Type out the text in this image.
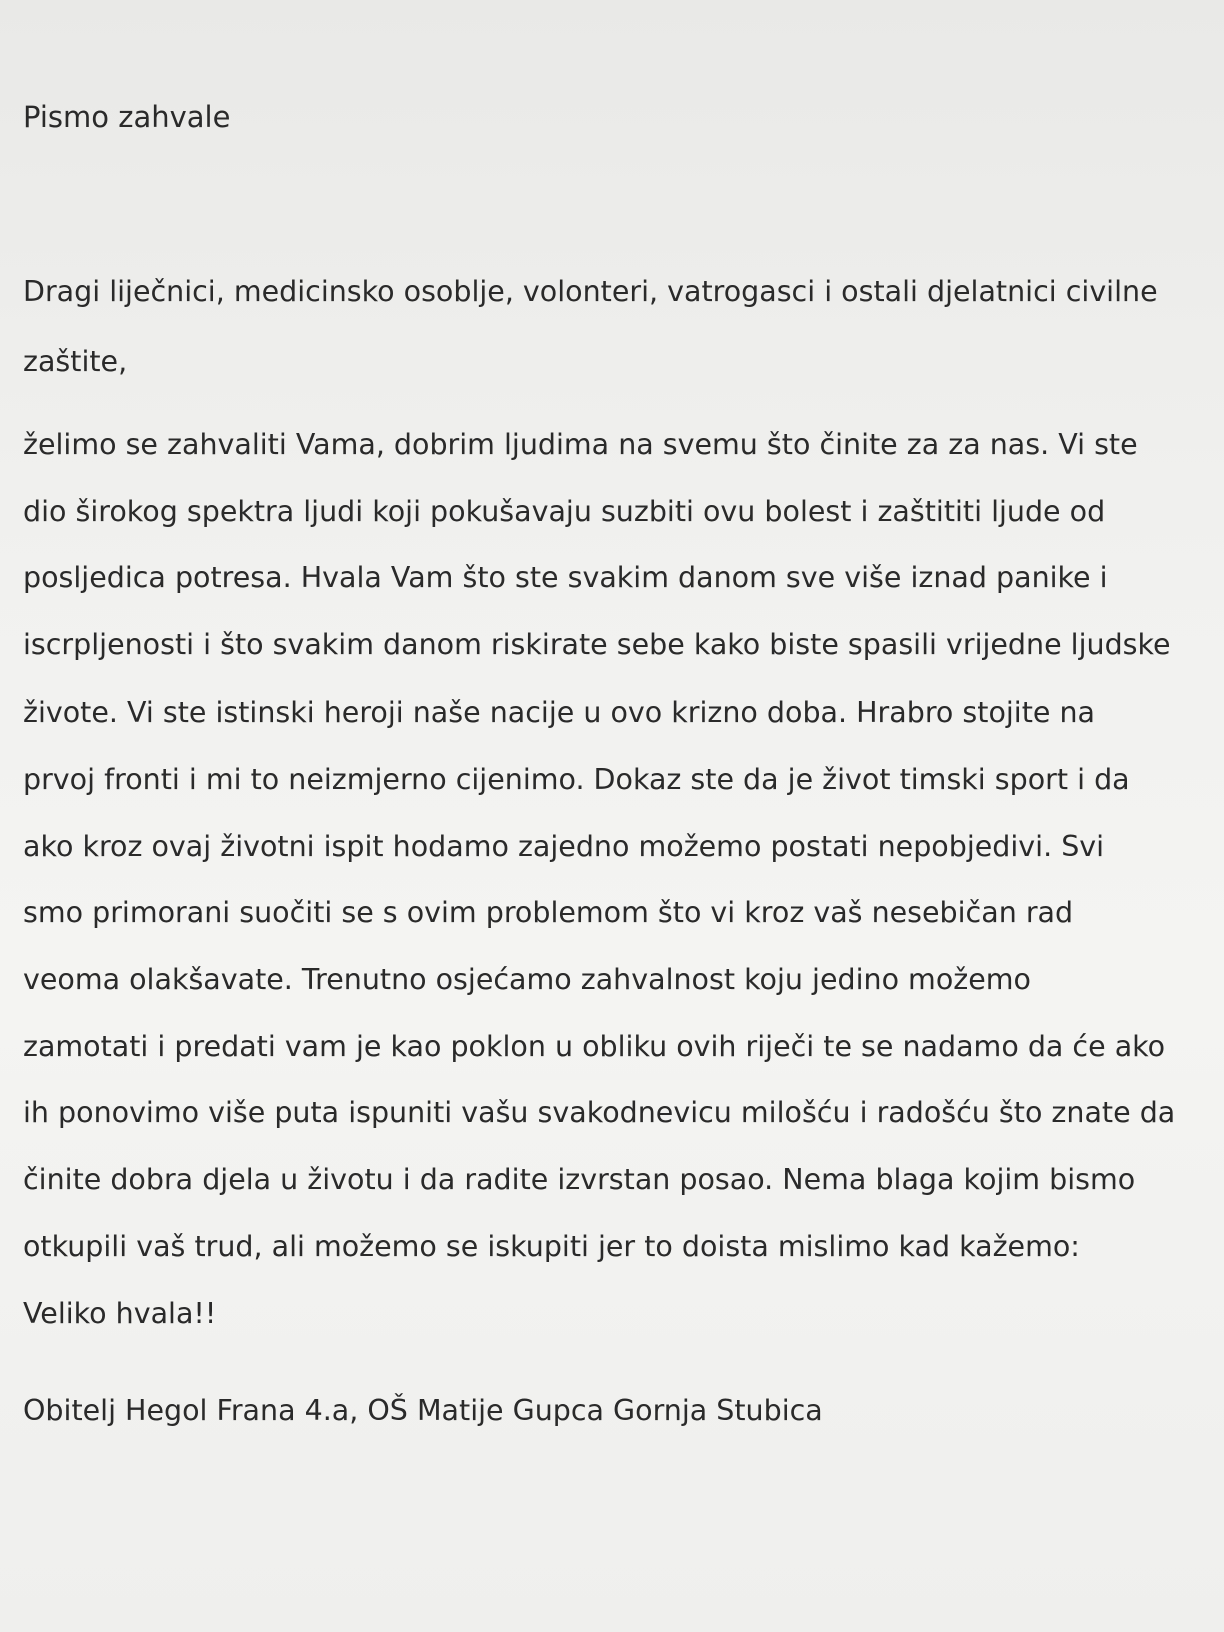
Pismo zahvale
Dragi liječnici, medicinsko osoblje, volonteri, vatrogasci i ostali djelatnici civilne
zaštite,
želimo se zahvaliti Vama, dobrim ljudima na svemu što činite za za nas. Vi ste
dio širokog spektra ljudi koji pokušavaju suzbiti ovu bolest i zaštititi ljude od
posljedica potresa. Hvala Vam što ste svakim danom sve više iznad panike i
iscrpljenosti i što svakim danom riskirate sebe kako biste spasili vrijedne ljudske
živote. Vi ste istinski heroji naše nacije u ovo krizno doba. Hrabro stojite na
prvoj fronti i mi to neizmjerno cijenimo. Dokaz ste da je život timski sport i da
ako kroz ovaj životni ispit hodamo zajedno možemo postati nepobjedivi. Svi
smo primorani suočiti se s ovim problemom što vi kroz vaš nesebičan rad
veoma olakšavate. Trenutno osjećamo zahvalnost koju jedino možemo
zamotati i predati vam je kao poklon u obliku ovih riječi te se nadamo da će ako
ih ponovimo više puta ispuniti vašu svakodnevicu milošću i radošću što znate da
činite dobra djela u životu i da radite izvrstan posao. Nema blaga kojim bismo
otkupili vaš trud, ali možemo se iskupiti jer to doista mislimo kad kažemo:
Veliko hvala!!
Obitelj Hegol Frana 4.a, OŠ Matije Gupca Gornja Stubica
